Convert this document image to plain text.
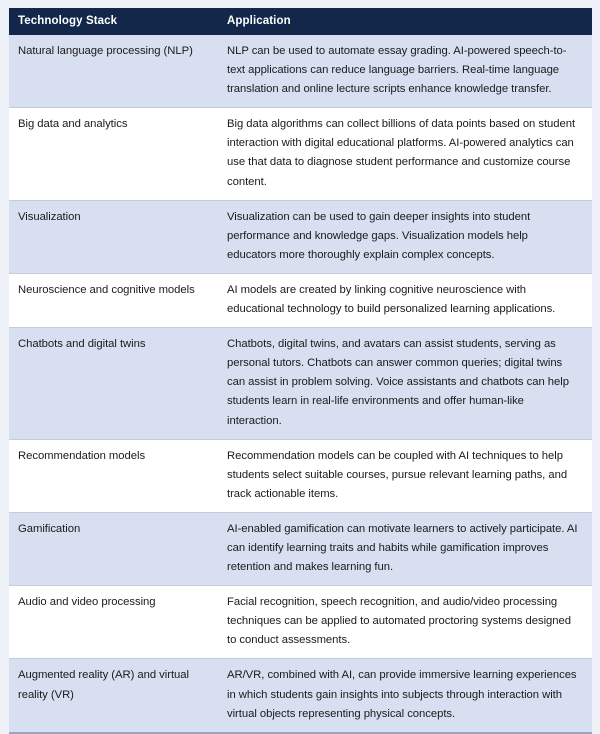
Technology Stack	Application
Natural language processing (NLP)	NLP can be used to automate essay grading. AI-powered speech-to-text applications can reduce language barriers. Real-time language translation and online lecture scripts enhance knowledge transfer.
Big data and analytics	Big data algorithms can collect billions of data points based on student interaction with digital educational platforms. AI-powered analytics can use that data to diagnose student performance and customize course content.
Visualization	Visualization can be used to gain deeper insights into student performance and knowledge gaps. Visualization models help educators more thoroughly explain complex concepts.
Neuroscience and cognitive models	AI models are created by linking cognitive neuroscience with educational technology to build personalized learning applications.
Chatbots and digital twins	Chatbots, digital twins, and avatars can assist students, serving as personal tutors. Chatbots can answer common queries; digital twins can assist in problem solving. Voice assistants and chatbots can help students learn in real-life environments and offer human-like interaction.
Recommendation models	Recommendation models can be coupled with AI techniques to help students select suitable courses, pursue relevant learning paths, and track actionable items.
Gamification	AI-enabled gamification can motivate learners to actively participate. AI can identify learning traits and habits while gamification improves retention and makes learning fun.
Audio and video processing	Facial recognition, speech recognition, and audio/video processing techniques can be applied to automated proctoring systems designed to conduct assessments.
Augmented reality (AR) and virtual reality (VR)	AR/VR, combined with AI, can provide immersive learning experiences in which students gain insights into subjects through interaction with virtual objects representing physical concepts.
